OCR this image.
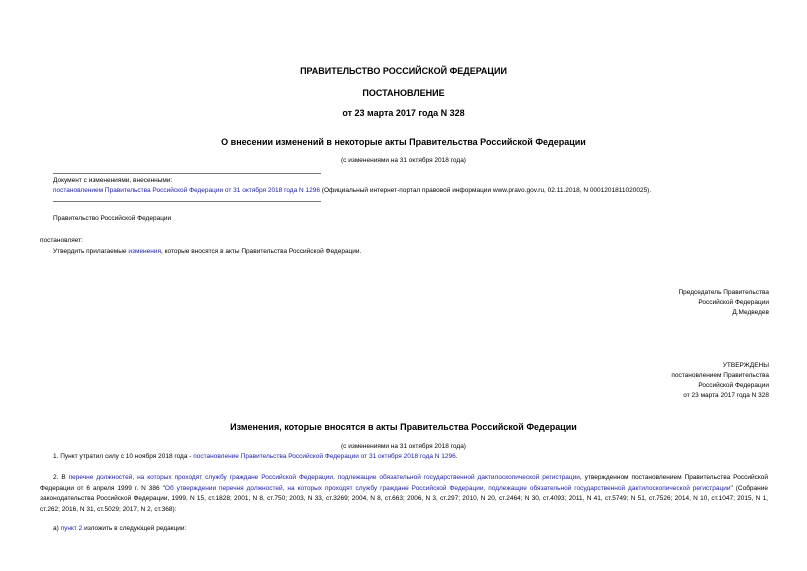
ПРАВИТЕЛЬСТВО РОССИЙСКОЙ ФЕДЕРАЦИИ
ПОСТАНОВЛЕНИЕ
от 23 марта 2017 года N 328
О внесении изменений в некоторые акты Правительства Российской Федерации
(с изменениями на 31 октября 2018 года)
Документ с изменениями, внесенными:
постановлением Правительства Российской Федерации от 31 октября 2018 года N 1296 (Официальный интернет-портал правовой информации www.pravo.gov.ru, 02.11.2018, N 0001201811020025).
Правительство Российской Федерации
постановляет:
Утвердить прилагаемые изменения, которые вносятся в акты Правительства Российской Федерации.
Председатель Правительства
Российской Федерации
Д.Медведев
УТВЕРЖДЕНЫ
постановлением Правительства
Российской Федерации
от 23 марта 2017 года N 328
Изменения, которые вносятся в акты Правительства Российской Федерации
(с изменениями на 31 октября 2018 года)
1. Пункт утратил силу с 10 ноября 2018 года - постановление Правительства Российской Федерации от 31 октября 2018 года N 1296.
2. В перечне должностей, на которых проходят службу граждане Российской Федерации, подлежащие обязательной государственной дактилоскопической регистрации, утвержденном постановлением Правительства Российской Федерации от 6 апреля 1999 г. N 386 "Об утверждении перечня должностей, на которых проходят службу граждане Российской Федерации, подлежащие обязательной государственной дактилоскопической регистрации" (Собрание законодательства Российской Федерации, 1999, N 15, ст.1828; 2001, N 8, ст.750; 2003, N 33, ст.3269; 2004, N 8, ст.663; 2006, N 3, ст.297; 2010, N 20, ст.2464; N 30, ст.4093; 2011, N 41, ст.5749; N 51, ст.7526; 2014, N 10, ст.1047; 2015, N 1, ст.262; 2016, N 31, ст.5029; 2017, N 2, ст.368):
а) пункт 2 изложить в следующей редакции:
